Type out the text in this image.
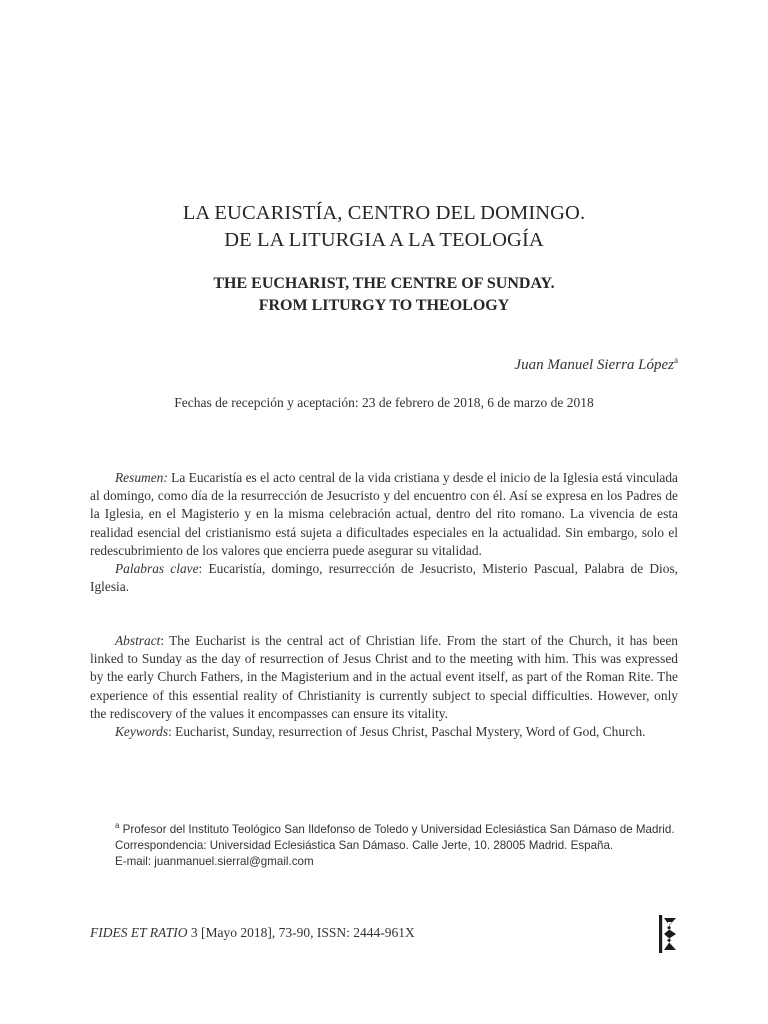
LA EUCARISTÍA, CENTRO DEL DOMINGO.
DE LA LITURGIA A LA TEOLOGÍA
THE EUCHARIST, THE CENTRE OF SUNDAY.
FROM LITURGY TO THEOLOGY
Juan Manuel Sierra López$^a$
Fechas de recepción y aceptación: 23 de febrero de 2018, 6 de marzo de 2018

Resumen: La Eucaristía es el acto central de la vida cristiana y desde el inicio de la Iglesia está vinculada al domingo, como día de la resurrección de Jesucristo y del encuentro con él. Así se expresa en los Padres de la Iglesia, en el Magisterio y en la misma celebración actual, dentro del rito romano. La vivencia de esta realidad esencial del cristianismo está sujeta a dificultades especiales en la actualidad. Sin embargo, solo el redescubrimiento de los valores que encierra puede asegurar su vitalidad.

Palabras clave: Eucaristía, domingo, resurrección de Jesucristo, Misterio Pascual, Palabra de Dios, Iglesia.

Abstract: The Eucharist is the central act of Christian life. From the start of the Church, it has been linked to Sunday as the day of resurrection of Jesus Christ and to the meeting with him. This was expressed by the early Church Fathers, in the Magisterium and in the actual event itself, as part of the Roman Rite. The experience of this essential reality of Christianity is currently subject to special difficulties. However, only the rediscovery of the values it encompasses can ensure its vitality.

Keywords: Eucharist, Sunday, resurrection of Jesus Christ, Paschal Mystery, Word of God, Church.

$^a$ Profesor del Instituto Teológico San Ildefonso de Toledo y Universidad Eclesiástica San Dámaso de Madrid.

Correspondencia: Universidad Eclesiástica San Dámaso. Calle Jerte, 10. 28005 Madrid. España.

E-mail: juanmanuel.sierral@gmail.com

FIDES ET RATIO 3 [Mayo 2018], 73-90, ISSN: 2444-961X
